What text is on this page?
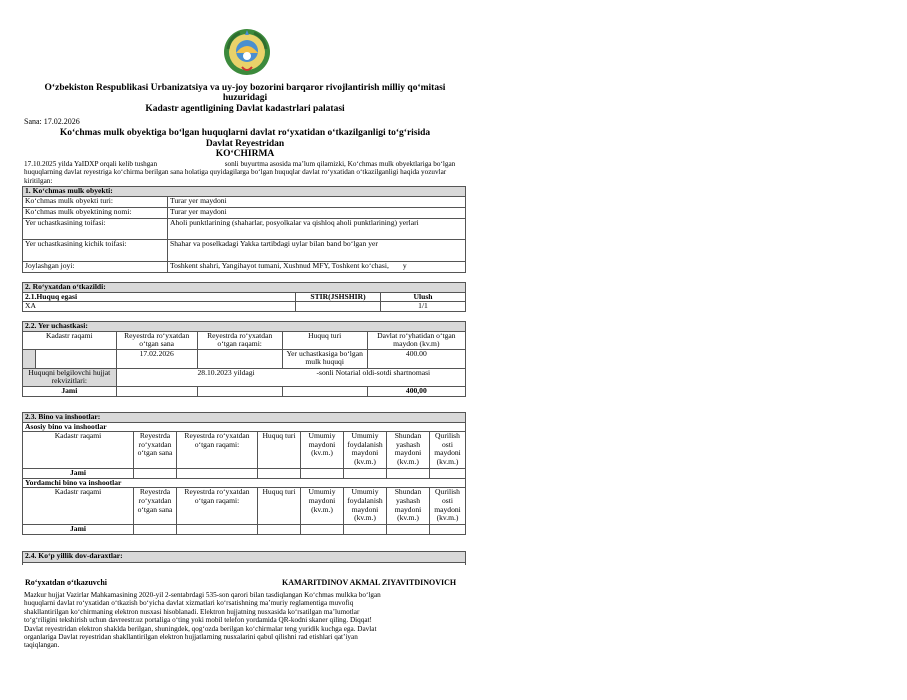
O‘zbekiston Respublikasi Urbanizatsiya va uy-joy bozorini barqaror rivojlantirish milliy qo‘mitasi
huzuridagi
Kadastr agentligining Davlat kadastrlari palatasi
Sana: 17.02.2026
Ko‘chmas mulk obyektiga bo‘lgan huquqlarni davlat ro‘yxatidan o‘tkazilganligi to‘g‘risida
Davlat Reyestridan
KO‘CHIRMA
17.10.2025 yilda YaIDXP orqali kelib tushgan	sonli buyurtma asosida ma’lum qilamizki, Ko‘chmas mulk obyektlariga bo‘lgan
huquqlarning davlat reyestriga ko‘chirma berilgan sana holatiga quyidagilarga bo‘lgan huquqlar davlat ro‘yxatidan o‘tkazilganligi haqida yozuvlar
kiritilgan:
1. Ko‘chmas mulk obyekti:	
Ko‘chmas mulk obyekti turi:	Turar yer maydoni
Ko‘chmas mulk obyektining nomi:	Turar yer maydoni
Yer uchastkasining toifasi:	Aholi punktlarining (shaharlar, posyolkalar va qishloq aholi punktlarining) yerlari
Yer uchastkasining kichik toifasi:	Shahar va poselkadagi Yakka tartibdagi uylar bilan band bo‘lgan yer
Joylashgan joyi:	Toshkent shahri, Yangihayot tumani, Xushnud MFY, Toshkent ko‘chasi, y
2. Ro‘yxatdan o‘tkazildi:		
2.1.Huquq egasi	STIR(JSHSHIR)	Ulush
XA		1/1
2.2. Yer uchastkasi:					
Kadastr raqami		Reyestrda ro‘yxatdan o‘tgan sana	Reyestrda ro‘yxatdan o‘tgan raqami:	Huquq turi	Davlat ro‘yhatidan o‘tgan maydon (kv.m)
		17.02.2026		Yer uchastkasiga bo‘lgan mulk huquqi	400.00
Huquqni belgilovchi hujjat rekvizitlari:		28.10.2023 yildagi -sonli Notarial oldi-sotdi shartnomasi			
Jami					400,00
2.3. Bino va inshootlar:							
Asosiy bino va inshootlar							
Kadastr raqami	Reyestrda ro‘yxatdan o‘tgan sana	Reyestrda ro‘yxatdan o‘tgan raqami:	Huquq turi	Umumiy maydoni (kv.m.)	Umumiy foydalanish maydoni (kv.m.)	Shundan yashash maydoni (kv.m.)	Qurilish osti maydoni (kv.m.)
Jami							
Yordamchi bino va inshootlar							
Kadastr raqami	Reyestrda ro‘yxatdan o‘tgan sana	Reyestrda ro‘yxatdan o‘tgan raqami:	Huquq turi	Umumiy maydoni (kv.m.)	Umumiy foydalanish maydoni (kv.m.)	Shundan yashash maydoni (kv.m.)	Qurilish osti maydoni (kv.m.)
Jami							
2.4. Ko‘p yillik dov-daraxtlar:

Ro‘yxatdan o‘tkazuvchi	KAMARITDINOV AKMAL ZIYAVITDINOVICH
Mazkur hujjat Vazirlar Mahkamasining 2020-yil 2-sentabrdagi 535-son qarori bilan tasdiqlangan Ko‘chmas mulkka bo‘lgan
huquqlarni davlat ro‘yxatidan o‘tkazish bo‘yicha davlat xizmatlari ko‘rsatishning ma’muriy reglamentiga muvofiq
shakllantirilgan ko‘chirmaning elektron nusxasi hisoblanadi. Elektron hujjatning nusxasida ko‘rsatilgan ma’lumotlar
to‘g‘riligini tekshirish uchun davreestr.uz portaliga o‘ting yoki mobil telefon yordamida QR-kodni skaner qiling. Diqqat!
Davlat reyestridan elektron shaklda berilgan, shuningdek, qog‘ozda berilgan ko‘chirmalar teng yuridik kuchga ega. Davlat
organlariga Davlat reyestridan shakllantirilgan elektron hujjatlarning nusxalarini qabul qilishni rad etishlari qat’iyan
taqiqlangan.
